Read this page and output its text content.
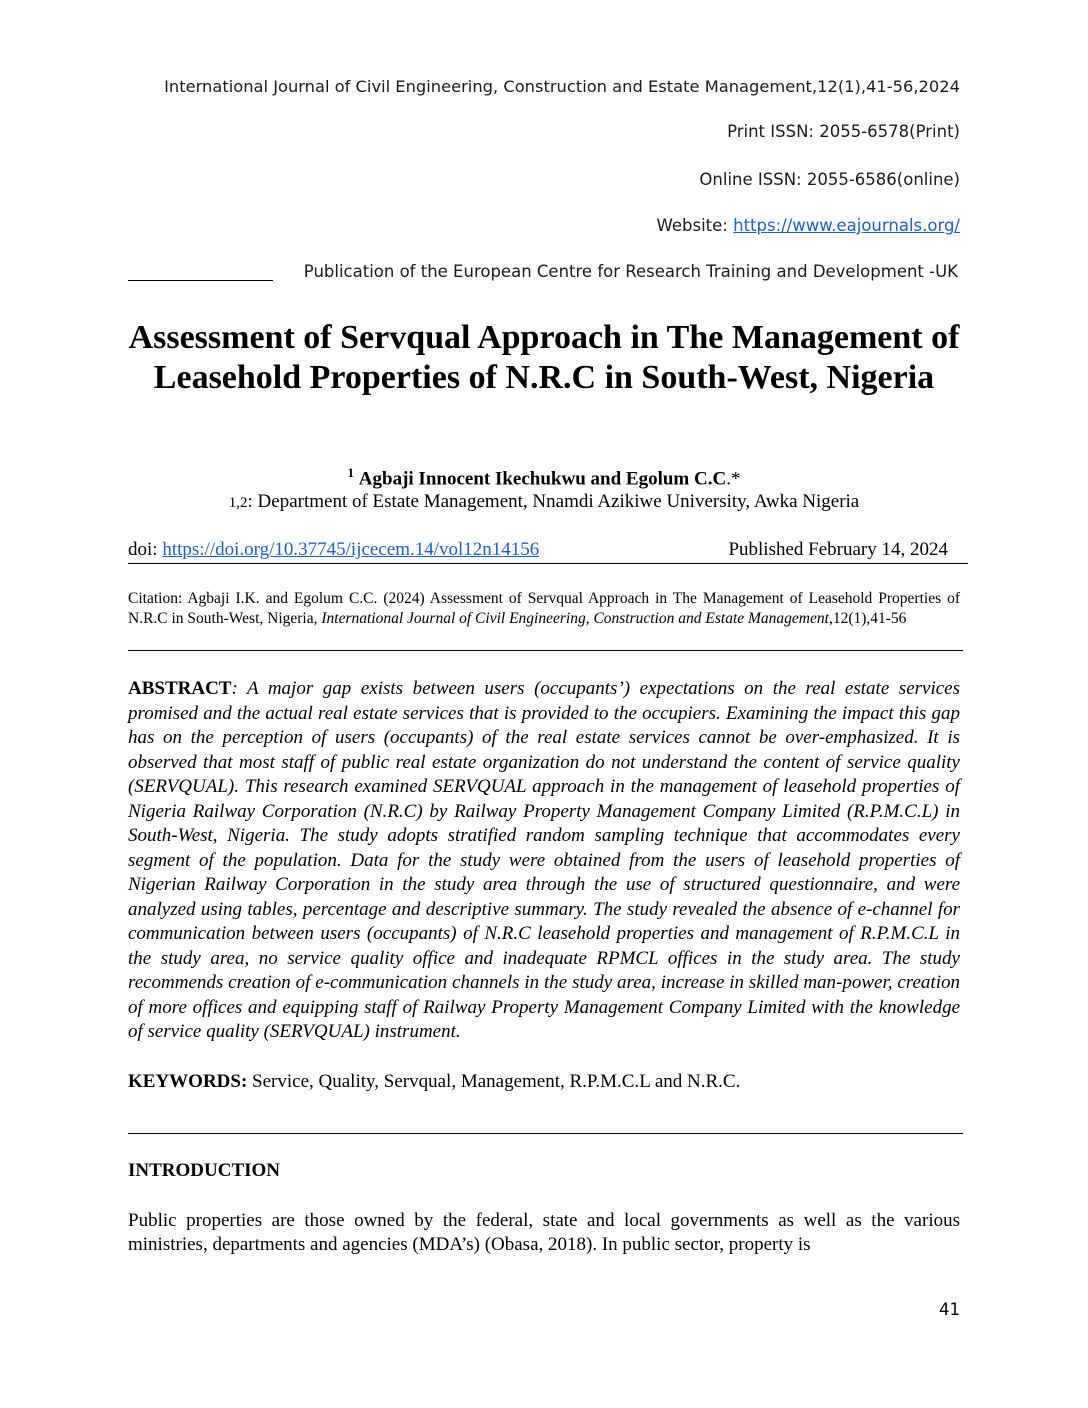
International Journal of Civil Engineering, Construction and Estate Management,12(1),41-56,2024
Print ISSN: 2055-6578(Print)
Online ISSN: 2055-6586(online)
Website: https://www.eajournals.org/
Publication of the European Centre for Research Training and Development -UK
Assessment of Servqual Approach in The Management of Leasehold Properties of N.R.C in South-West, Nigeria
$^1$ Agbaji Innocent Ikechukwu and Egolum C.C.*
1,2: Department of Estate Management, Nnamdi Azikiwe University, Awka Nigeria
doi: https://doi.org/10.37745/ijcecem.14/vol12n14156	Published February 14, 2024
Citation: Agbaji I.K. and Egolum C.C. (2024) Assessment of Servqual Approach in The Management of Leasehold Properties of N.R.C in South-West, Nigeria, International Journal of Civil Engineering, Construction and Estate Management,12(1),41-56
ABSTRACT: A major gap exists between users (occupants’) expectations on the real estate services promised and the actual real estate services that is provided to the occupiers. Examining the impact this gap has on the perception of users (occupants) of the real estate services cannot be over-emphasized. It is observed that most staff of public real estate organization do not understand the content of service quality (SERVQUAL). This research examined SERVQUAL approach in the management of leasehold properties of Nigeria Railway Corporation (N.R.C) by Railway Property Management Company Limited (R.P.M.C.L) in South-West, Nigeria. The study adopts stratified random sampling technique that accommodates every segment of the population. Data for the study were obtained from the users of leasehold properties of Nigerian Railway Corporation in the study area through the use of structured questionnaire, and were analyzed using tables, percentage and descriptive summary. The study revealed the absence of e-channel for communication between users (occupants) of N.R.C leasehold properties and management of R.P.M.C.L in the study area, no service quality office and inadequate RPMCL offices in the study area. The study recommends creation of e-communication channels in the study area, increase in skilled man-power, creation of more offices and equipping staff of Railway Property Management Company Limited with the knowledge of service quality (SERVQUAL) instrument.
KEYWORDS: Service, Quality, Servqual, Management, R.P.M.C.L and N.R.C.
INTRODUCTION
Public properties are those owned by the federal, state and local governments as well as the various ministries, departments and agencies (MDA’s) (Obasa, 2018). In public sector, property is
41
